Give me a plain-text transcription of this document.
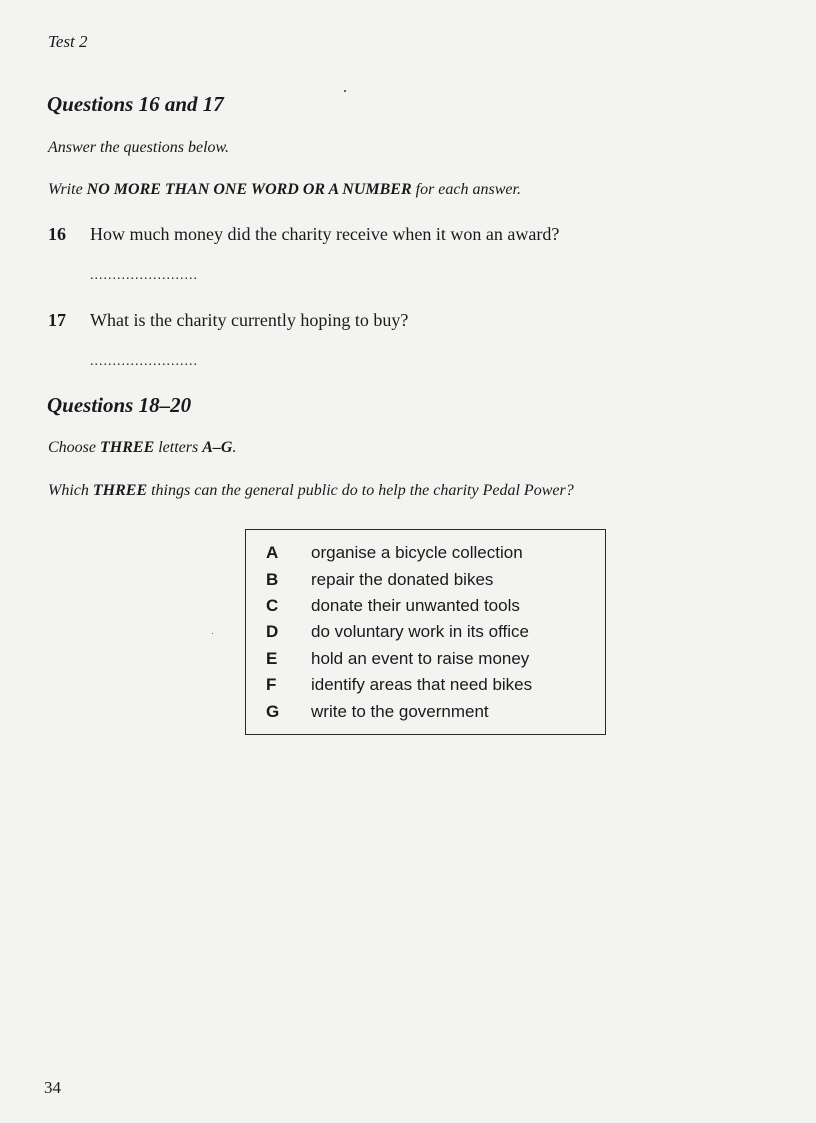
Test 2
Questions 16 and 17
Answer the questions below.
Write NO MORE THAN ONE WORD OR A NUMBER for each answer.
16 How much money did the charity receive when it won an award?
........................
17 What is the charity currently hoping to buy?
........................
Questions 18–20
Choose THREE letters A–G.
Which THREE things can the general public do to help the charity Pedal Power?
A	organise a bicycle collection
B	repair the donated bikes
C	donate their unwanted tools
D	do voluntary work in its office
E	hold an event to raise money
F	identify areas that need bikes
G	write to the government
34
